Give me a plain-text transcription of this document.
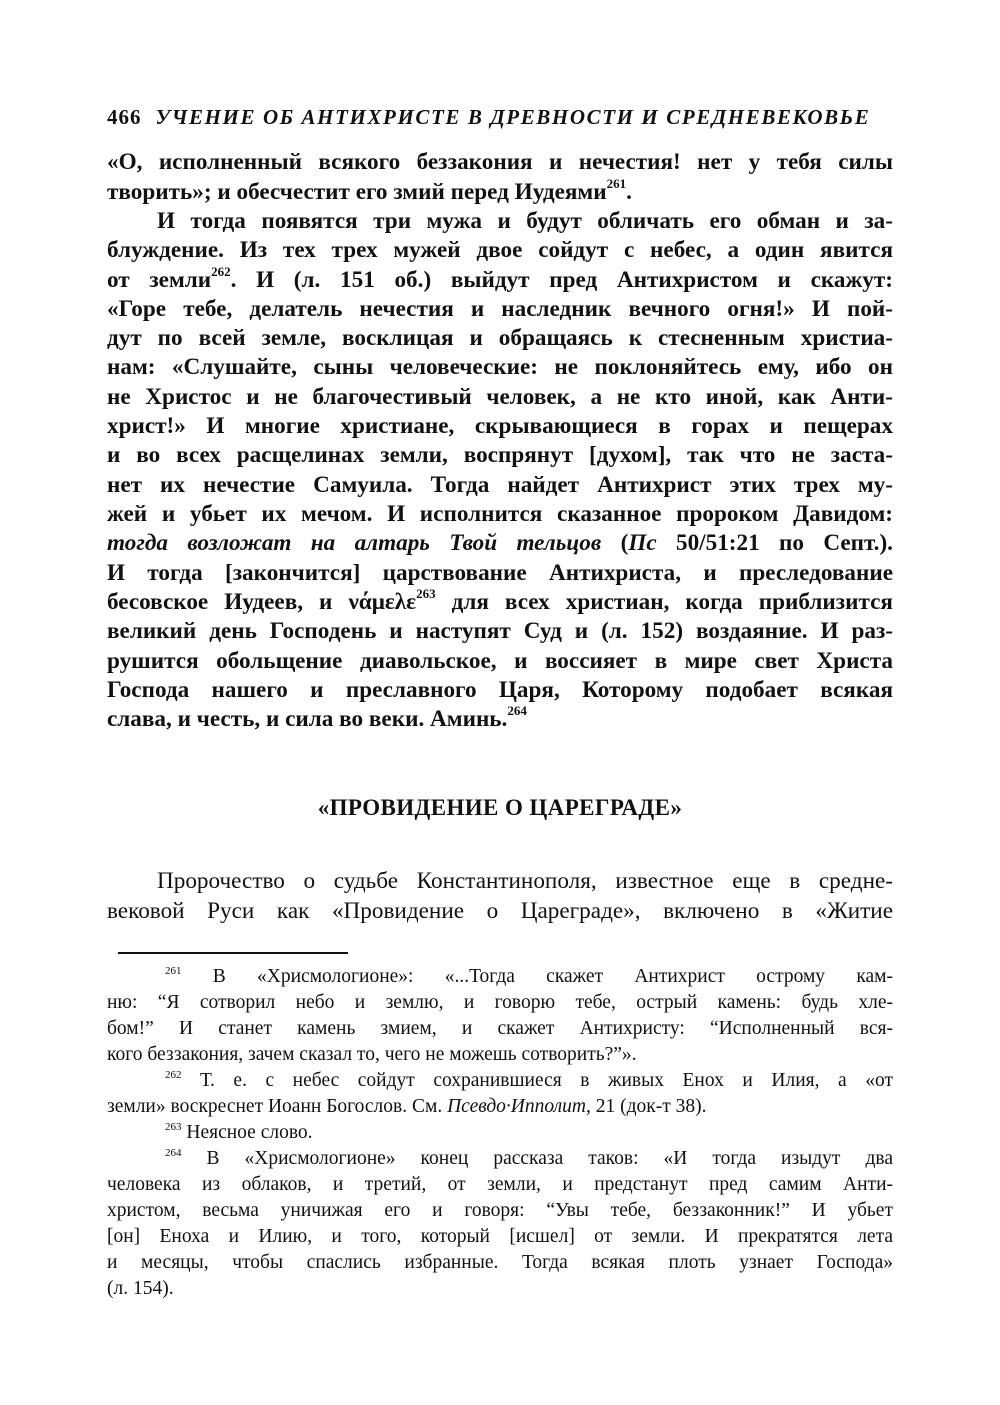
466 УЧЕНИЕ ОБ АНТИХРИСТЕ В ДРЕВНОСТИ И СРЕДНЕВЕКОВЬЕ
«О, исполненный всякого беззакония и нечестия! нет у тебя силы
творить»; и обесчестит его змий перед Иудеями$^{261}$.
И тогда появятся три мужа и будут обличать его обман и за-
блуждение. Из тех трех мужей двое сойдут с небес, а один явится
от земли$^{262}$. И (л. 151 об.) выйдут пред Антихристом и скажут:
«Горе тебе, делатель нечестия и наследник вечного огня!» И пой-
дут по всей земле, восклицая и обращаясь к стесненным христиа-
нам: «Слушайте, сыны человеческие: не поклоняйтесь ему, ибо он
не Христос и не благочестивый человек, а не кто иной, как Анти-
христ!» И многие христиане, скрывающиеся в горах и пещерах
и во всех расщелинах земли, воспрянут [духом], так что не заста-
нет их нечестие Самуила. Тогда найдет Антихрист этих трех му-
жей и убьет их мечом. И исполнится сказанное пророком Давидом:
тогда возложат на алтарь Твой тельцов (Пс 50/51:21 по Септ.).
И тогда [закончится] царствование Антихриста, и преследование
бесовское Иудеев, и νάμελε$^{263}$ для всех христиан, когда приблизится
великий день Господень и наступят Суд и (л. 152) воздаяние. И раз-
рушится обольщение диавольское, и воссияет в мире свет Христа
Господа нашего и преславного Царя, Которому подобает всякая
слава, и честь, и сила во веки. Аминь.$^{264}$
«ПРОВИДЕНИЕ О ЦАРЕГРАДЕ»
Пророчество о судьбе Константинополя, известное еще в средне-
вековой Руси как «Провидение о Цареграде», включено в «Житие
$^{261}$ В «Хрисмологионе»: «...Тогда скажет Антихрист острому кам-
ню: “Я сотворил небо и землю, и говорю тебе, острый камень: будь хле-
бом!” И станет камень змием, и скажет Антихристу: “Исполненный вся-
кого беззакония, зачем сказал то, чего не можешь сотворить?”».
$^{262}$ Т. е. с небес сойдут сохранившиеся в живых Енох и Илия, а «от
земли» воскреснет Иоанн Богослов. См. Псевдо·Ипполит, 21 (док-т 38).
$^{263}$ Неясное слово.
$^{264}$ В «Хрисмологионе» конец рассказа таков: «И тогда изыдут два
человека из облаков, и третий, от земли, и предстанут пред самим Анти-
христом, весьма уничижая его и говоря: “Увы тебе, беззаконник!” И убьет
[он] Еноха и Илию, и того, который [исшел] от земли. И прекратятся лета
и месяцы, чтобы спаслись избранные. Тогда всякая плоть узнает Господа»
(л. 154).
